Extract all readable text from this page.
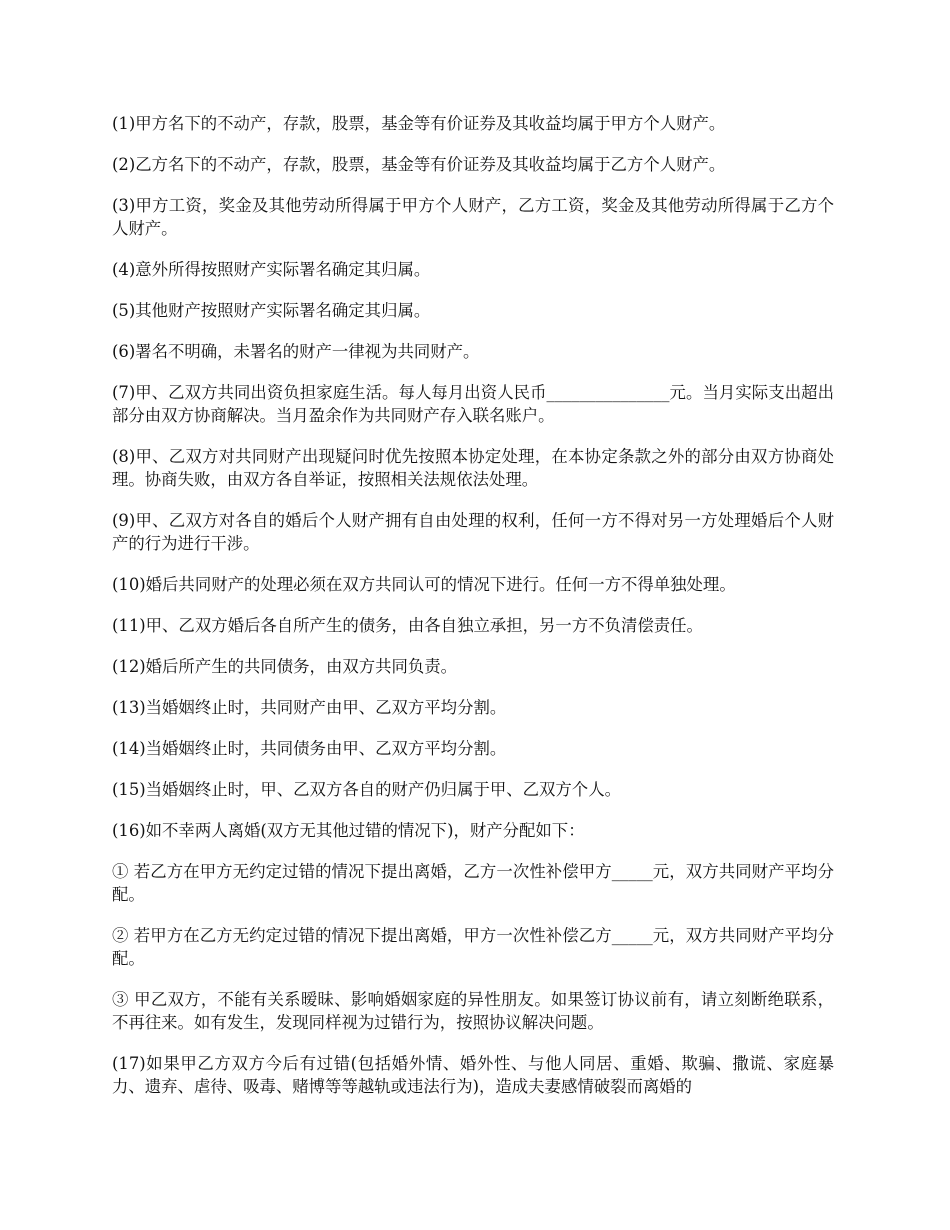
(1)甲方名下的不动产，存款，股票，基金等有价证券及其收益均属于甲方个人财产。

(2)乙方名下的不动产，存款，股票，基金等有价证券及其收益均属于乙方个人财产。

(3)甲方工资，奖金及其他劳动所得属于甲方个人财产，乙方工资，奖金及其他劳动所得属于乙方个人财产。

(4)意外所得按照财产实际署名确定其归属。

(5)其他财产按照财产实际署名确定其归属。

(6)署名不明确，未署名的财产一律视为共同财产。

(7)甲、乙双方共同出资负担家庭生活。每人每月出资人民币_______________元。当月实际支出超出部分由双方协商解决。当月盈余作为共同财产存入联名账户。

(8)甲、乙双方对共同财产出现疑问时优先按照本协定处理，在本协定条款之外的部分由双方协商处理。协商失败，由双方各自举证，按照相关法规依法处理。

(9)甲、乙双方对各自的婚后个人财产拥有自由处理的权利，任何一方不得对另一方处理婚后个人财产的行为进行干涉。

(10)婚后共同财产的处理必须在双方共同认可的情况下进行。任何一方不得单独处理。

(11)甲、乙双方婚后各自所产生的债务，由各自独立承担，另一方不负清偿责任。

(12)婚后所产生的共同债务，由双方共同负责。

(13)当婚姻终止时，共同财产由甲、乙双方平均分割。

(14)当婚姻终止时，共同债务由甲、乙双方平均分割。

(15)当婚姻终止时，甲、乙双方各自的财产仍归属于甲、乙双方个人。

(16)如不幸两人离婚(双方无其他过错的情况下)，财产分配如下：

① 若乙方在甲方无约定过错的情况下提出离婚，乙方一次性补偿甲方_____元，双方共同财产平均分配。

② 若甲方在乙方无约定过错的情况下提出离婚，甲方一次性补偿乙方_____元，双方共同财产平均分配。

③ 甲乙双方，不能有关系暧昧、影响婚姻家庭的异性朋友。如果签订协议前有，请立刻断绝联系，不再往来。如有发生，发现同样视为过错行为，按照协议解决问题。

(17)如果甲乙方双方今后有过错(包括婚外情、婚外性、与他人同居、重婚、欺骗、撒谎、家庭暴力、遗弃、虐待、吸毒、赌博等等越轨或违法行为)，造成夫妻感情破裂而离婚的
